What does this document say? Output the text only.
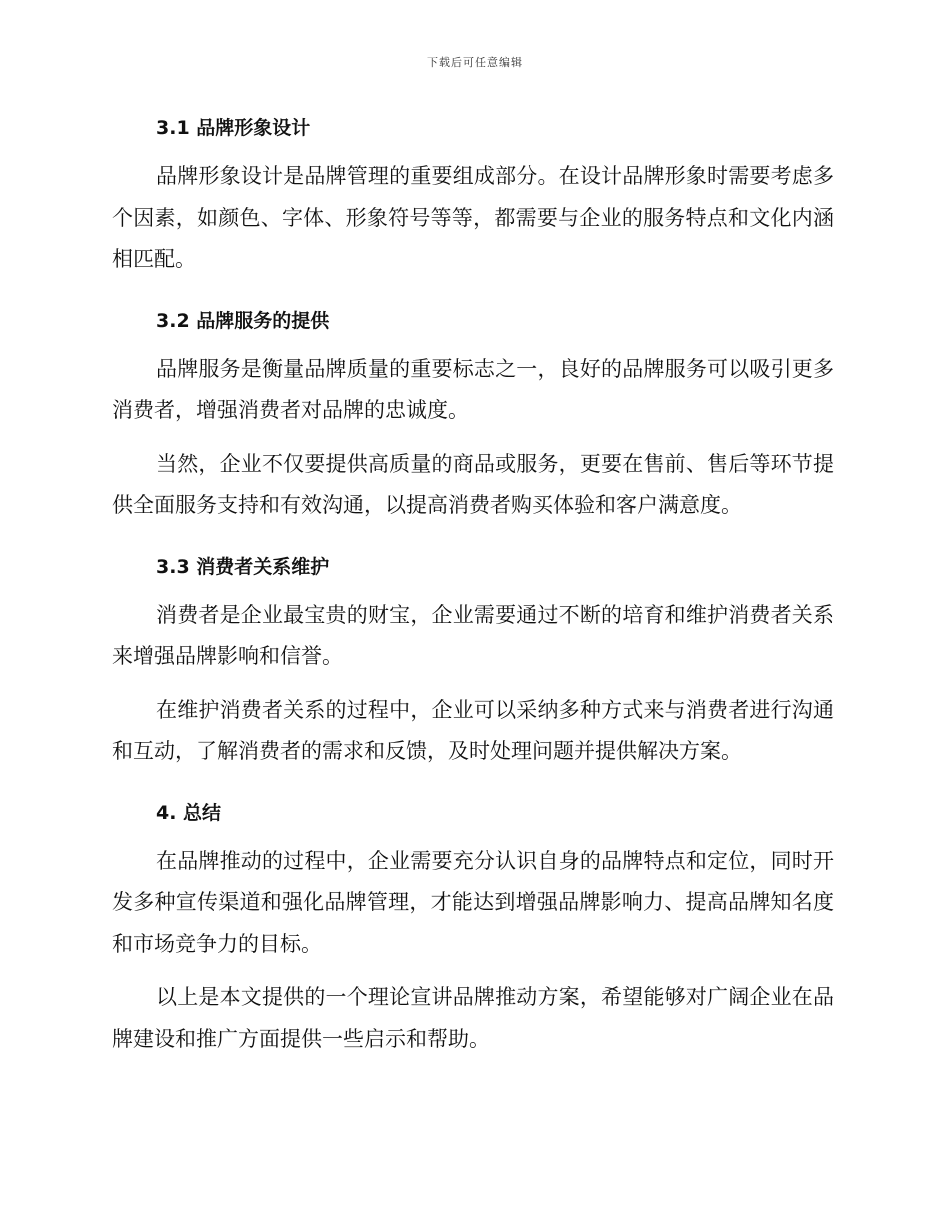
下载后可任意编辑
3.1 品牌形象设计

品牌形象设计是品牌管理的重要组成部分。在设计品牌形象时需要考虑多个因素，如颜色、字体、形象符号等等，都需要与企业的服务特点和文化内涵相匹配。

3.2 品牌服务的提供

品牌服务是衡量品牌质量的重要标志之一，良好的品牌服务可以吸引更多消费者，增强消费者对品牌的忠诚度。

当然，企业不仅要提供高质量的商品或服务，更要在售前、售后等环节提供全面服务支持和有效沟通，以提高消费者购买体验和客户满意度。

3.3 消费者关系维护

消费者是企业最宝贵的财宝，企业需要通过不断的培育和维护消费者关系来增强品牌影响和信誉。

在维护消费者关系的过程中，企业可以采纳多种方式来与消费者进行沟通和互动，了解消费者的需求和反馈，及时处理问题并提供解决方案。

4. 总结

在品牌推动的过程中，企业需要充分认识自身的品牌特点和定位，同时开发多种宣传渠道和强化品牌管理，才能达到增强品牌影响力、提高品牌知名度和市场竞争力的目标。

以上是本文提供的一个理论宣讲品牌推动方案，希望能够对广阔企业在品牌建设和推广方面提供一些启示和帮助。
